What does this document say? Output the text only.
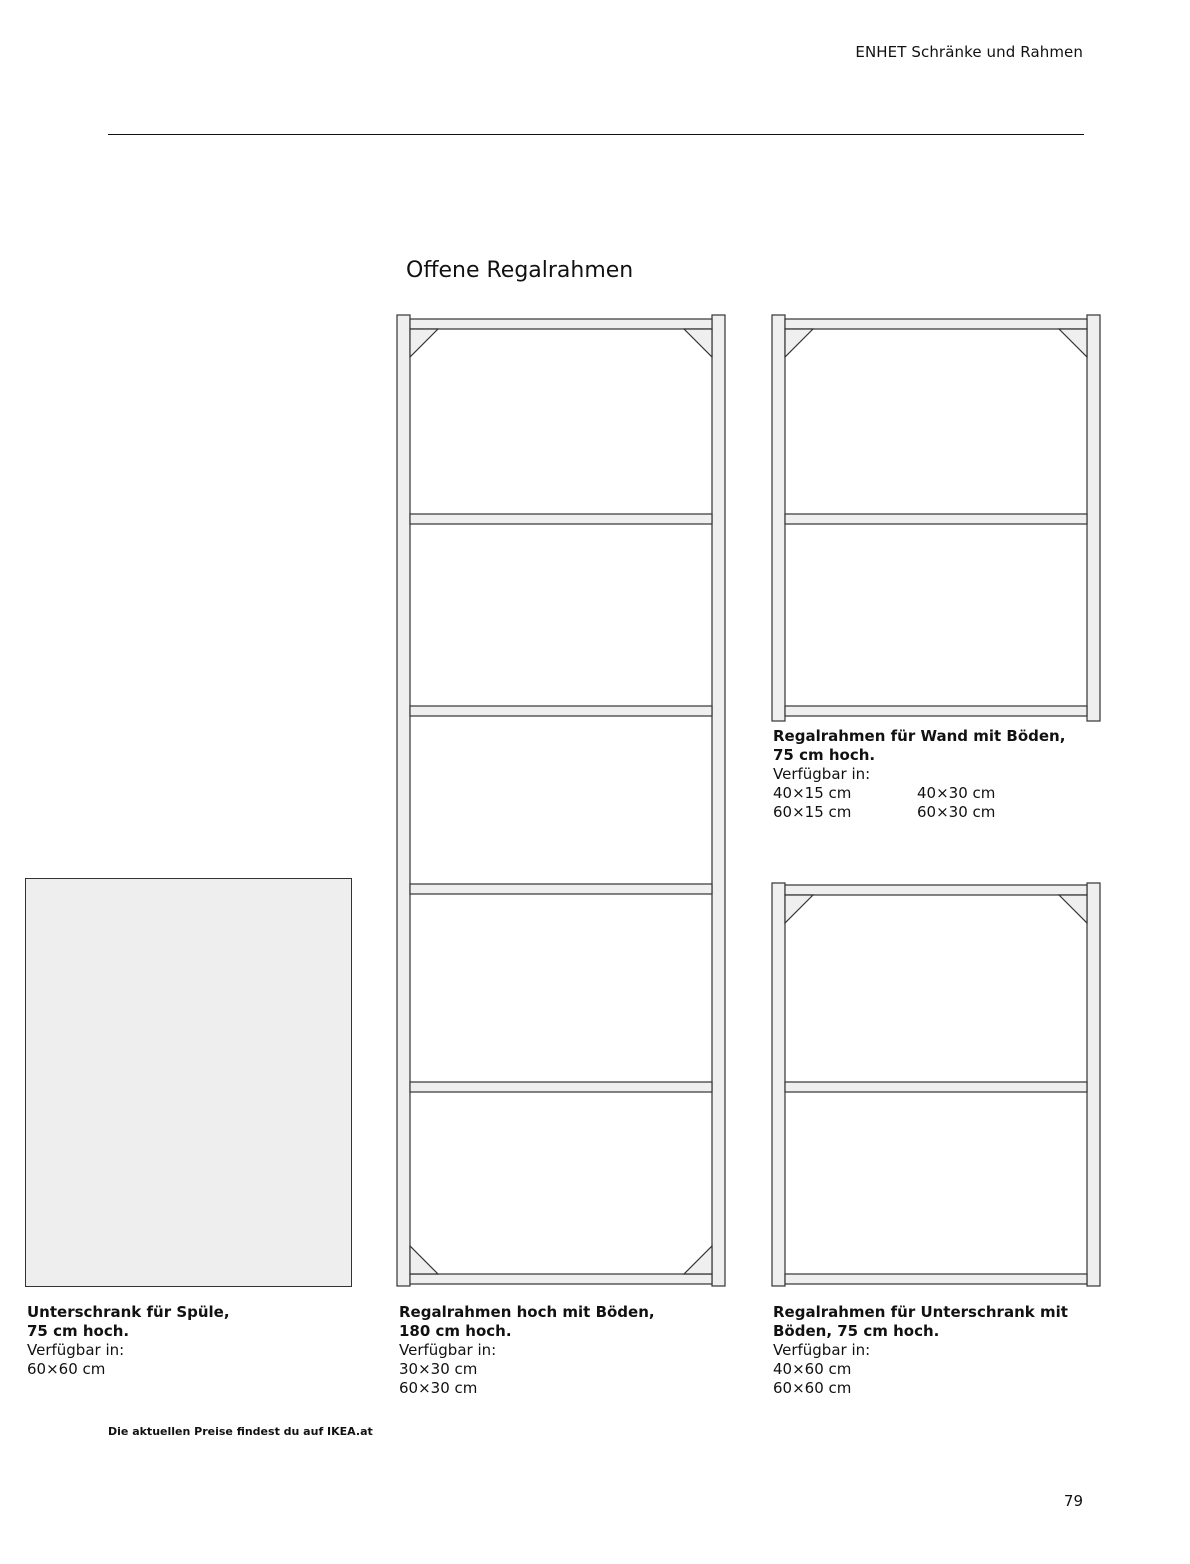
ENHET Schränke und Rahmen
Offene Regalrahmen
Regalrahmen für Wand mit Böden,
75 cm hoch.
Verfügbar in:
40×15 cm
60×15 cm
40×30 cm
60×30 cm
Unterschrank für Spüle,
75 cm hoch.
Verfügbar in:
60×60 cm
Regalrahmen hoch mit Böden,
180 cm hoch.
Verfügbar in:
30×30 cm
60×30 cm
Regalrahmen für Unterschrank mit
Böden, 75 cm hoch.
Verfügbar in:
40×60 cm
60×60 cm
Die aktuellen Preise findest du auf IKEA.at
79
